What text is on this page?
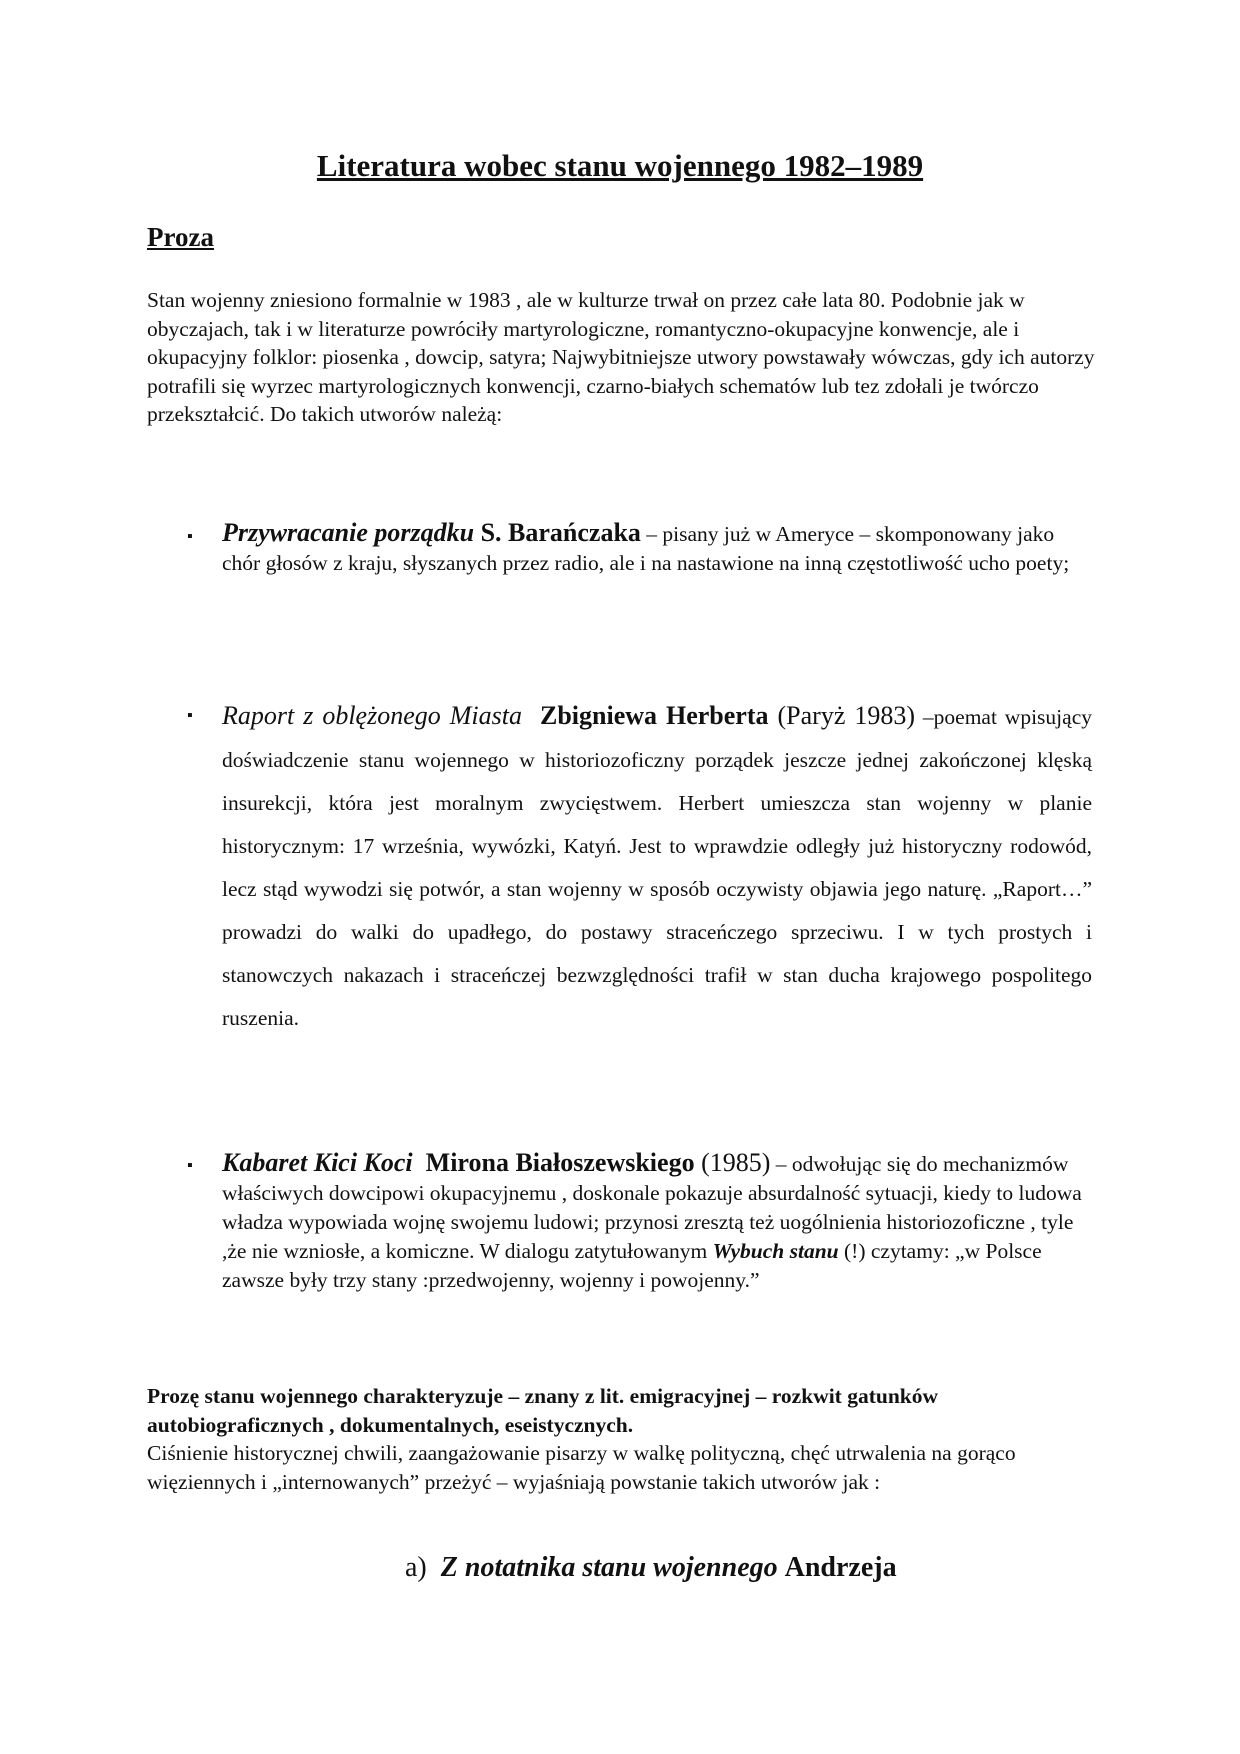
Literatura wobec stanu wojennego 1982–1989
Proza

Stan wojenny zniesiono formalnie w 1983 , ale w kulturze trwał on przez całe lata 80. Podobnie jak w obyczajach, tak i w literaturze powróciły martyrologiczne, romantyczno-okupacyjne konwencje, ale i okupacyjny folklor: piosenka , dowcip, satyra; Najwybitniejsze utwory powstawały wówczas, gdy ich autorzy potrafili się wyrzec martyrologicznych konwencji, czarno-białych schematów lub tez zdołali je twórczo przekształcić. Do takich utworów należą:

▪	Przywracanie porządku S. Barańczaka – pisany już w Ameryce – skomponowany jako chór głosów z kraju, słyszanych przez radio, ale i na nastawione na inną częstotliwość ucho poety;

▪	Raport z oblężonego Miasta Zbigniewa Herberta (Paryż 1983) –poemat wpisujący doświadczenie stanu wojennego w historiozoficzny porządek jeszcze jednej zakończonej klęską insurekcji, która jest moralnym zwycięstwem. Herbert umieszcza stan wojenny w planie historycznym: 17 września, wywózki, Katyń. Jest to wprawdzie odległy już historyczny rodowód, lecz stąd wywodzi się potwór, a stan wojenny w sposób oczywisty objawia jego naturę. „Raport…” prowadzi do walki do upadłego, do postawy straceńczego sprzeciwu. I w tych prostych i stanowczych nakazach i straceńczej bezwzględności trafił w stan ducha krajowego pospolitego ruszenia.

▪	Kabaret Kici Koci Mirona Białoszewskiego (1985) – odwołując się do mechanizmów właściwych dowcipowi okupacyjnemu , doskonale pokazuje absurdalność sytuacji, kiedy to ludowa władza wypowiada wojnę swojemu ludowi; przynosi zresztą też uogólnienia historiozoficzne , tyle ,że nie wzniosłe, a komiczne. W dialogu zatytułowanym Wybuch stanu (!) czytamy: „w Polsce zawsze były trzy stany :przedwojenny, wojenny i powojenny.”

Prozę stanu wojennego charakteryzuje – znany z lit. emigracyjnej – rozkwit gatunków autobiograficznych , dokumentalnych, eseistycznych.
Ciśnienie historycznej chwili, zaangażowanie pisarzy w walkę polityczną, chęć utrwalenia na gorąco więziennych i „internowanych” przeżyć – wyjaśniają powstanie takich utworów jak :

a) Z notatnika stanu wojennego Andrzeja
